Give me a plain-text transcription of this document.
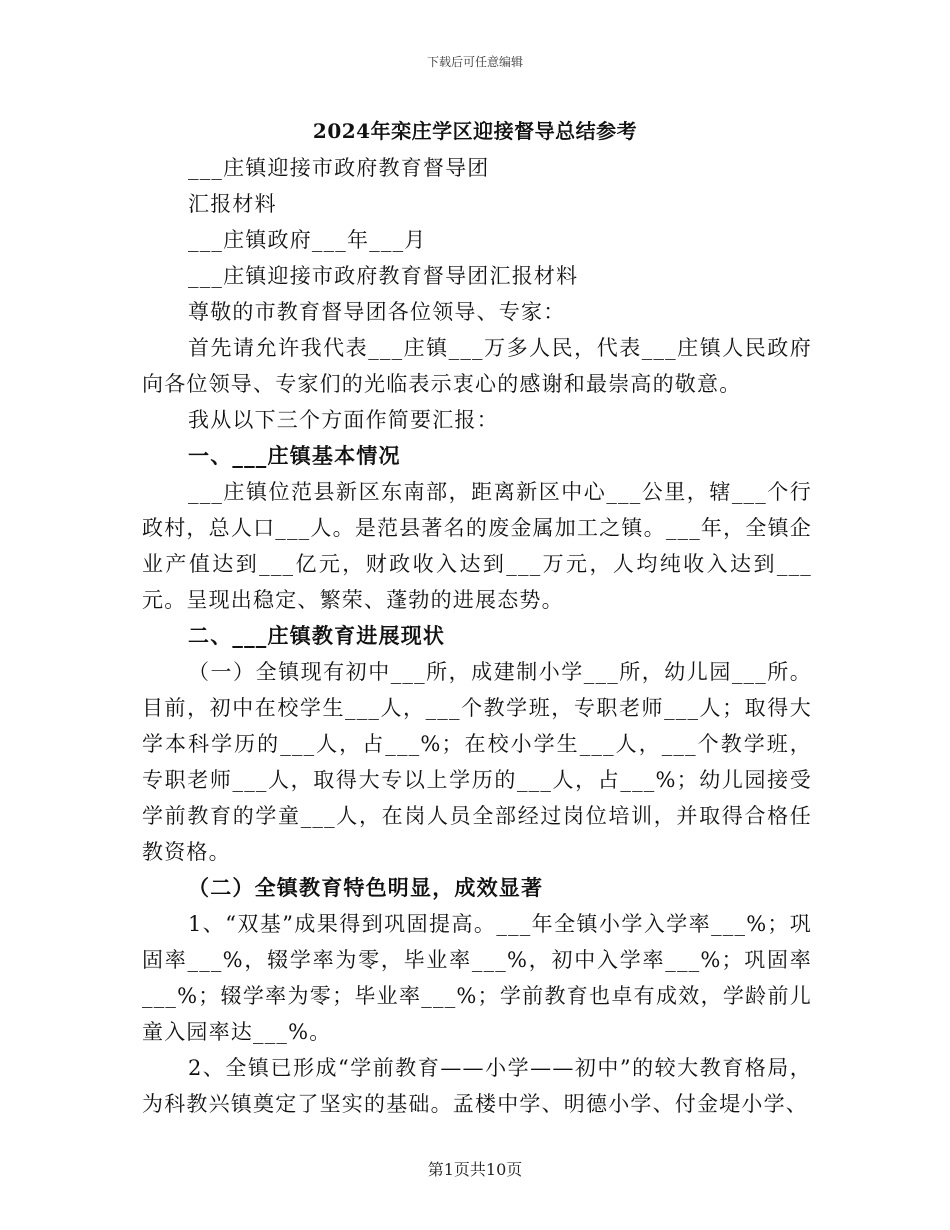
下载后可任意编辑
2024年栾庄学区迎接督导总结参考

___庄镇迎接市政府教育督导团

汇报材料

___庄镇政府___年___月

___庄镇迎接市政府教育督导团汇报材料

尊敬的市教育督导团各位领导、专家：

首先请允许我代表___庄镇___万多人民，代表___庄镇人民政府向各位领导、专家们的光临表示衷心的感谢和最崇高的敬意。

我从以下三个方面作简要汇报：

一、___庄镇基本情况

___庄镇位范县新区东南部，距离新区中心___公里，辖___个行政村，总人口___人。是范县著名的废金属加工之镇。___年，全镇企业产值达到___亿元，财政收入达到___万元，人均纯收入达到___元。呈现出稳定、繁荣、蓬勃的进展态势。

二、___庄镇教育进展现状

（一）全镇现有初中___所，成建制小学___所，幼儿园___所。目前，初中在校学生___人，___个教学班，专职老师___人；取得大学本科学历的___人，占___%；在校小学生___人，___个教学班，专职老师___人，取得大专以上学历的___人，占___%；幼儿园接受学前教育的学童___人，在岗人员全部经过岗位培训，并取得合格任教资格。

（二）全镇教育特色明显，成效显著

1、“双基”成果得到巩固提高。___年全镇小学入学率___%；巩固率___%，辍学率为零，毕业率___%，初中入学率___%；巩固率___%；辍学率为零；毕业率___%；学前教育也卓有成效，学龄前儿童入园率达___%。

2、全镇已形成“学前教育——小学——初中”的较大教育格局，为科教兴镇奠定了坚实的基础。孟楼中学、明德小学、付金堤小学、

第1页共10页
